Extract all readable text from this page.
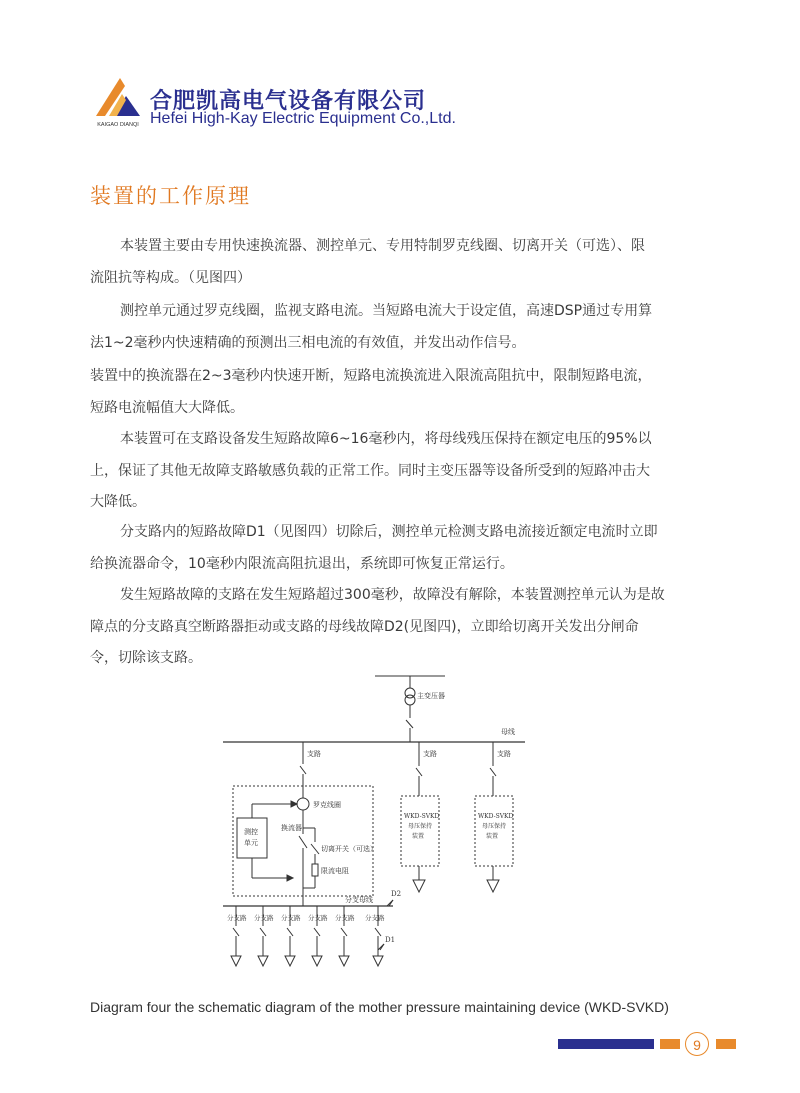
KAIGAO DIANQI
合肥凯高电气设备有限公司
Hefei High-Kay Electric Equipment Co.,Ltd.
装置的工作原理
本装置主要由专用快速换流器、测控单元、专用特制罗克线圈、切离开关（可选）、限
流阻抗等构成。（见图四）
测控单元通过罗克线圈，监视支路电流。当短路电流大于设定值，高速DSP通过专用算
法1~2毫秒内快速精确的预测出三相电流的有效值，并发出动作信号。
装置中的换流器在2~3毫秒内快速开断，短路电流换流进入限流高阻抗中，限制短路电流，
短路电流幅值大大降低。
本装置可在支路设备发生短路故障6~16毫秒内，将母线残压保持在额定电压的95%以
上，保证了其他无故障支路敏感负载的正常工作。同时主变压器等设备所受到的短路冲击大
大降低。
分支路内的短路故障D1（见图四）切除后，测控单元检测支路电流接近额定电流时立即
给换流器命令，10毫秒内限流高阻抗退出，系统即可恢复正常运行。
发生短路故障的支路在发生短路超过300毫秒，故障没有解除，本装置测控单元认为是故
障点的分支路真空断路器拒动或支路的母线故障D2(见图四)，立即给切离开关发出分闸命
令，切除该支路。
主变压器
母线
支路	支路	支路
罗克线圈
测控
单元
换流器
切离开关（可选）
限流电阻
WKD-SVKD
母压保持
装置
WKD-SVKD
母压保持
装置
分支母线
D2
分支路 分支路 分支路 分支路 分支路 分支路
D1
Diagram four the schematic diagram of the mother pressure maintaining device (WKD-SVKD)
9
